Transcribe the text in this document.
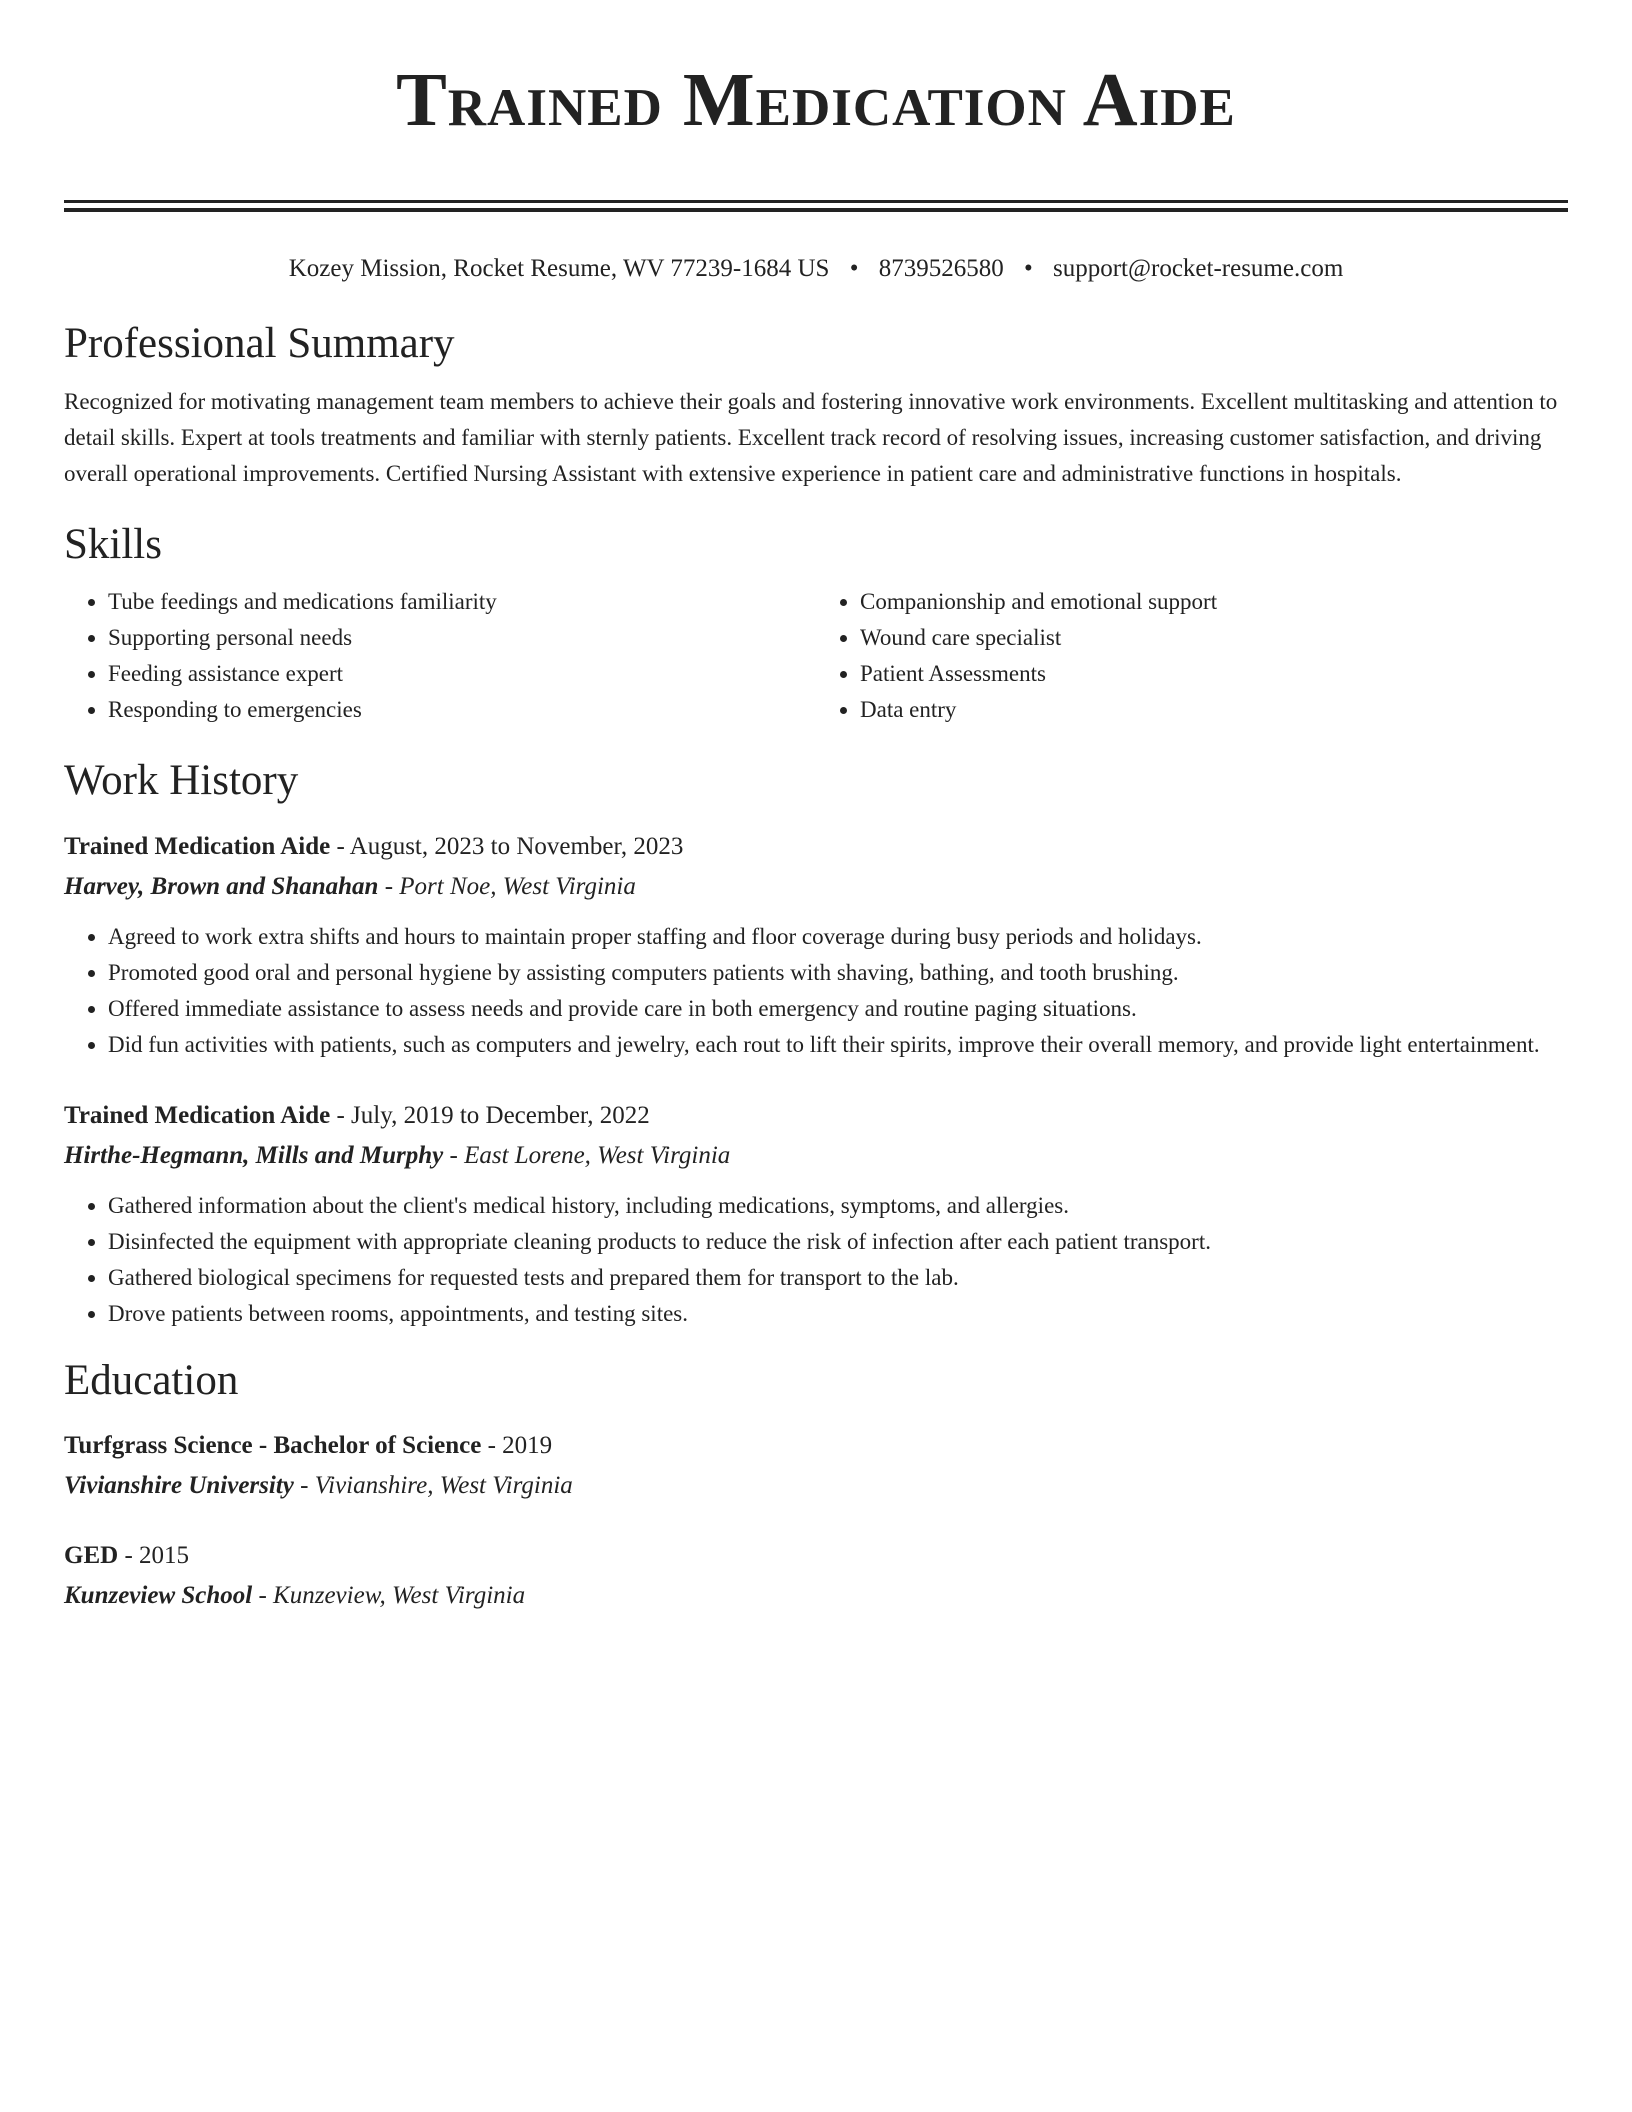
Trained Medication Aide
Kozey Mission, Rocket Resume, WV 77239-1684 US • 8739526580 • support@rocket-resume.com
Professional Summary

Recognized for motivating management team members to achieve their goals and fostering innovative work environments. Excellent multitasking and attention to detail skills. Expert at tools treatments and familiar with sternly patients. Excellent track record of resolving issues, increasing customer satisfaction, and driving overall operational improvements. Certified Nursing Assistant with extensive experience in patient care and administrative functions in hospitals.

Skills
• Tube feedings and medications familiarity
• Supporting personal needs
• Feeding assistance expert
• Responding to emergencies
• Companionship and emotional support
• Wound care specialist
• Patient Assessments
• Data entry
Work History
Trained Medication Aide - August, 2023 to November, 2023
Harvey, Brown and Shanahan - Port Noe, West Virginia
• Agreed to work extra shifts and hours to maintain proper staffing and floor coverage during busy periods and holidays.
• Promoted good oral and personal hygiene by assisting computers patients with shaving, bathing, and tooth brushing.
• Offered immediate assistance to assess needs and provide care in both emergency and routine paging situations.
• Did fun activities with patients, such as computers and jewelry, each rout to lift their spirits, improve their overall memory, and provide light entertainment.
Trained Medication Aide - July, 2019 to December, 2022
Hirthe-Hegmann, Mills and Murphy - East Lorene, West Virginia
• Gathered information about the client's medical history, including medications, symptoms, and allergies.
• Disinfected the equipment with appropriate cleaning products to reduce the risk of infection after each patient transport.
• Gathered biological specimens for requested tests and prepared them for transport to the lab.
• Drove patients between rooms, appointments, and testing sites.
Education
Turfgrass Science - Bachelor of Science - 2019
Vivianshire University - Vivianshire, West Virginia
GED - 2015
Kunzeview School - Kunzeview, West Virginia
